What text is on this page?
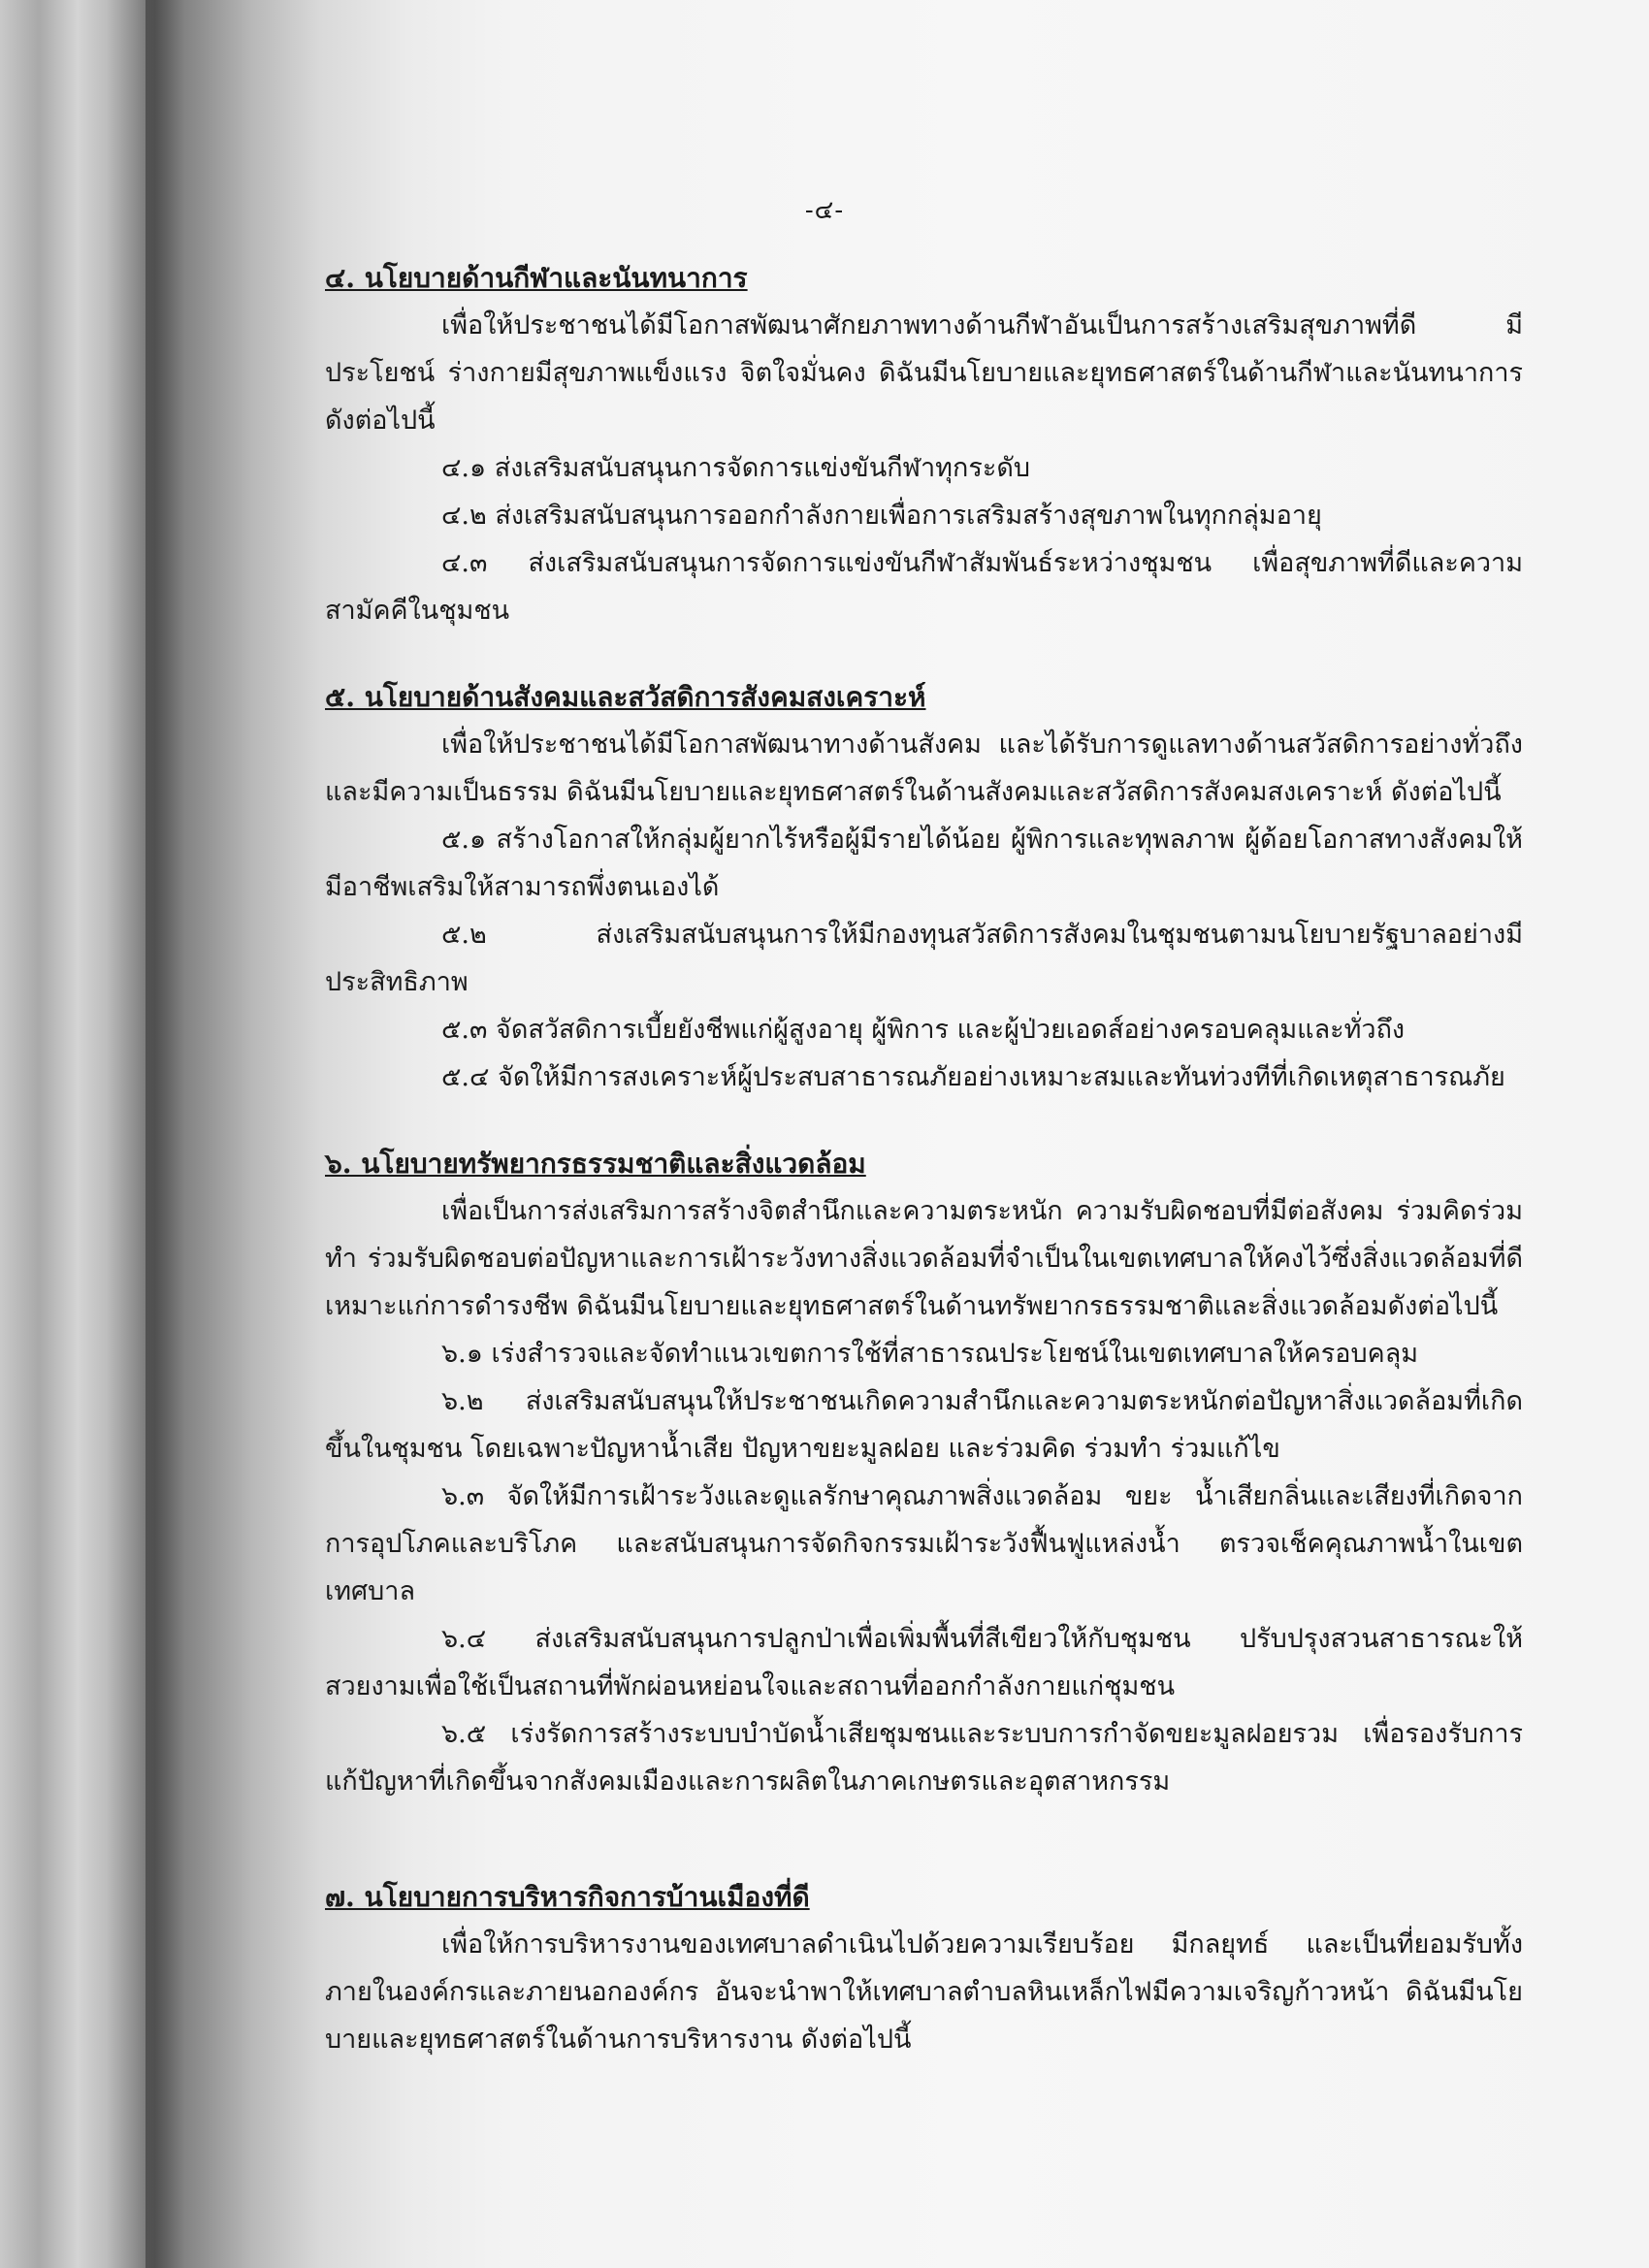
-๔-
๔. นโยบายด้านกีฬาและนันทนาการ
เพื่อให้ประชาชนได้มีโอกาสพัฒนาศักยภาพทางด้านกีฬาอันเป็นการสร้างเสริมสุขภาพที่ดี มีประโยชน์ ร่างกายมีสุขภาพแข็งแรง จิตใจมั่นคง ดิฉันมีนโยบายและยุทธศาสตร์ในด้านกีฬาและนันทนาการดังต่อไปนี้
๔.๑ ส่งเสริมสนับสนุนการจัดการแข่งขันกีฬาทุกระดับ
๔.๒ ส่งเสริมสนับสนุนการออกกำลังกายเพื่อการเสริมสร้างสุขภาพในทุกกลุ่มอายุ
๔.๓ ส่งเสริมสนับสนุนการจัดการแข่งขันกีฬาสัมพันธ์ระหว่างชุมชน เพื่อสุขภาพที่ดีและความสามัคคีในชุมชน
๕. นโยบายด้านสังคมและสวัสดิการสังคมสงเคราะห์
เพื่อให้ประชาชนได้มีโอกาสพัฒนาทางด้านสังคม และได้รับการดูแลทางด้านสวัสดิการอย่างทั่วถึงและมีความเป็นธรรม ดิฉันมีนโยบายและยุทธศาสตร์ในด้านสังคมและสวัสดิการสังคมสงเคราะห์ ดังต่อไปนี้
๕.๑ สร้างโอกาสให้กลุ่มผู้ยากไร้หรือผู้มีรายได้น้อย ผู้พิการและทุพลภาพ ผู้ด้อยโอกาสทางสังคมให้มีอาชีพเสริมให้สามารถพึ่งตนเองได้
๕.๒ ส่งเสริมสนับสนุนการให้มีกองทุนสวัสดิการสังคมในชุมชนตามนโยบายรัฐบาลอย่างมีประสิทธิภาพ
๕.๓ จัดสวัสดิการเบี้ยยังชีพแก่ผู้สูงอายุ ผู้พิการ และผู้ป่วยเอดส์อย่างครอบคลุมและทั่วถึง
๕.๔ จัดให้มีการสงเคราะห์ผู้ประสบสาธารณภัยอย่างเหมาะสมและทันท่วงทีที่เกิดเหตุสาธารณภัย
๖. นโยบายทรัพยากรธรรมชาติและสิ่งแวดล้อม
เพื่อเป็นการส่งเสริมการสร้างจิตสำนึกและความตระหนัก ความรับผิดชอบที่มีต่อสังคม ร่วมคิดร่วมทำ ร่วมรับผิดชอบต่อปัญหาและการเฝ้าระวังทางสิ่งแวดล้อมที่จำเป็นในเขตเทศบาลให้คงไว้ซึ่งสิ่งแวดล้อมที่ดี เหมาะแก่การดำรงชีพ ดิฉันมีนโยบายและยุทธศาสตร์ในด้านทรัพยากรธรรมชาติและสิ่งแวดล้อมดังต่อไปนี้
๖.๑ เร่งสำรวจและจัดทำแนวเขตการใช้ที่สาธารณประโยชน์ในเขตเทศบาลให้ครอบคลุม
๖.๒ ส่งเสริมสนับสนุนให้ประชาชนเกิดความสำนึกและความตระหนักต่อปัญหาสิ่งแวดล้อมที่เกิดขึ้นในชุมชน โดยเฉพาะปัญหาน้ำเสีย ปัญหาขยะมูลฝอย และร่วมคิด ร่วมทำ ร่วมแก้ไข
๖.๓ จัดให้มีการเฝ้าระวังและดูแลรักษาคุณภาพสิ่งแวดล้อม ขยะ น้ำเสียกลิ่นและเสียงที่เกิดจากการอุปโภคและบริโภค และสนับสนุนการจัดกิจกรรมเฝ้าระวังฟื้นฟูแหล่งน้ำ ตรวจเช็คคุณภาพน้ำในเขตเทศบาล
๖.๔ ส่งเสริมสนับสนุนการปลูกป่าเพื่อเพิ่มพื้นที่สีเขียวให้กับชุมชน ปรับปรุงสวนสาธารณะให้สวยงามเพื่อใช้เป็นสถานที่พักผ่อนหย่อนใจและสถานที่ออกกำลังกายแก่ชุมชน
๖.๕ เร่งรัดการสร้างระบบบำบัดน้ำเสียชุมชนและระบบการกำจัดขยะมูลฝอยรวม เพื่อรองรับการแก้ปัญหาที่เกิดขึ้นจากสังคมเมืองและการผลิตในภาคเกษตรและอุตสาหกรรม
๗. นโยบายการบริหารกิจการบ้านเมืองที่ดี
เพื่อให้การบริหารงานของเทศบาลดำเนินไปด้วยความเรียบร้อย มีกลยุทธ์ และเป็นที่ยอมรับทั้งภายในองค์กรและภายนอกองค์กร อันจะนำพาให้เทศบาลตำบลหินเหล็กไฟมีความเจริญก้าวหน้า ดิฉันมีนโยบายและยุทธศาสตร์ในด้านการบริหารงาน ดังต่อไปนี้
